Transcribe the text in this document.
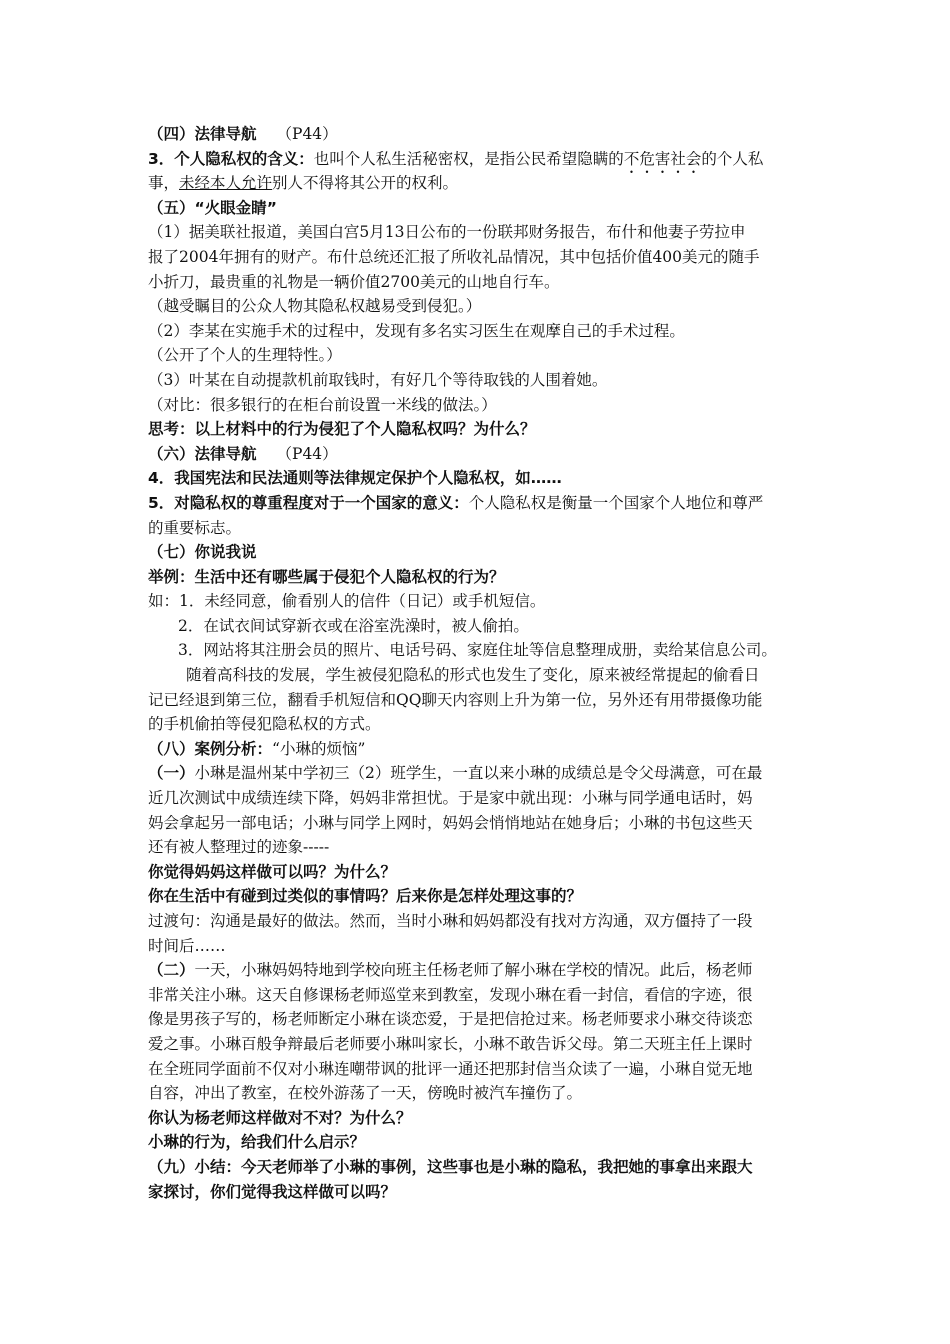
（四）法律导航 （P44）
3．个人隐私权的含义：也叫个人私生活秘密权，是指公民希望隐瞒的不危害社会的个人私
事，未经本人允许别人不得将其公开的权利。
（五）“火眼金睛”
（1）据美联社报道，美国白宫5月13日公布的一份联邦财务报告，布什和他妻子劳拉申
报了2004年拥有的财产。布什总统还汇报了所收礼品情况，其中包括价值400美元的随手
小折刀，最贵重的礼物是一辆价值2700美元的山地自行车。
（越受瞩目的公众人物其隐私权越易受到侵犯。）
（2）李某在实施手术的过程中，发现有多名实习医生在观摩自己的手术过程。
（公开了个人的生理特性。）
（3）叶某在自动提款机前取钱时，有好几个等待取钱的人围着她。
（对比：很多银行的在柜台前设置一米线的做法。）
思考：以上材料中的行为侵犯了个人隐私权吗？为什么？
（六）法律导航 （P44）
4．我国宪法和民法通则等法律规定保护个人隐私权，如……
5．对隐私权的尊重程度对于一个国家的意义：个人隐私权是衡量一个国家个人地位和尊严
的重要标志。
（七）你说我说
举例：生活中还有哪些属于侵犯个人隐私权的行为？
如：1．未经同意，偷看别人的信件（日记）或手机短信。
2．在试衣间试穿新衣或在浴室洗澡时，被人偷拍。
3．网站将其注册会员的照片、电话号码、家庭住址等信息整理成册，卖给某信息公司。
随着高科技的发展，学生被侵犯隐私的形式也发生了变化，原来被经常提起的偷看日
记已经退到第三位，翻看手机短信和QQ聊天内容则上升为第一位，另外还有用带摄像功能
的手机偷拍等侵犯隐私权的方式。
（八）案例分析：“小琳的烦恼”
（一）小琳是温州某中学初三（2）班学生，一直以来小琳的成绩总是令父母满意，可在最
近几次测试中成绩连续下降，妈妈非常担忧。于是家中就出现：小琳与同学通电话时，妈
妈会拿起另一部电话；小琳与同学上网时，妈妈会悄悄地站在她身后；小琳的书包这些天
还有被人整理过的迹象-----
你觉得妈妈这样做可以吗？为什么？
你在生活中有碰到过类似的事情吗？后来你是怎样处理这事的？
过渡句：沟通是最好的做法。然而，当时小琳和妈妈都没有找对方沟通，双方僵持了一段
时间后……
（二）一天，小琳妈妈特地到学校向班主任杨老师了解小琳在学校的情况。此后，杨老师
非常关注小琳。这天自修课杨老师巡堂来到教室，发现小琳在看一封信，看信的字迹，很
像是男孩子写的，杨老师断定小琳在谈恋爱，于是把信抢过来。杨老师要求小琳交待谈恋
爱之事。小琳百般争辩最后老师要小琳叫家长，小琳不敢告诉父母。第二天班主任上课时
在全班同学面前不仅对小琳连嘲带讽的批评一通还把那封信当众读了一遍，小琳自觉无地
自容，冲出了教室，在校外游荡了一天，傍晚时被汽车撞伤了。
你认为杨老师这样做对不对？为什么？
小琳的行为，给我们什么启示？
（九）小结：今天老师举了小琳的事例，这些事也是小琳的隐私，我把她的事拿出来跟大
家探讨，你们觉得我这样做可以吗？
